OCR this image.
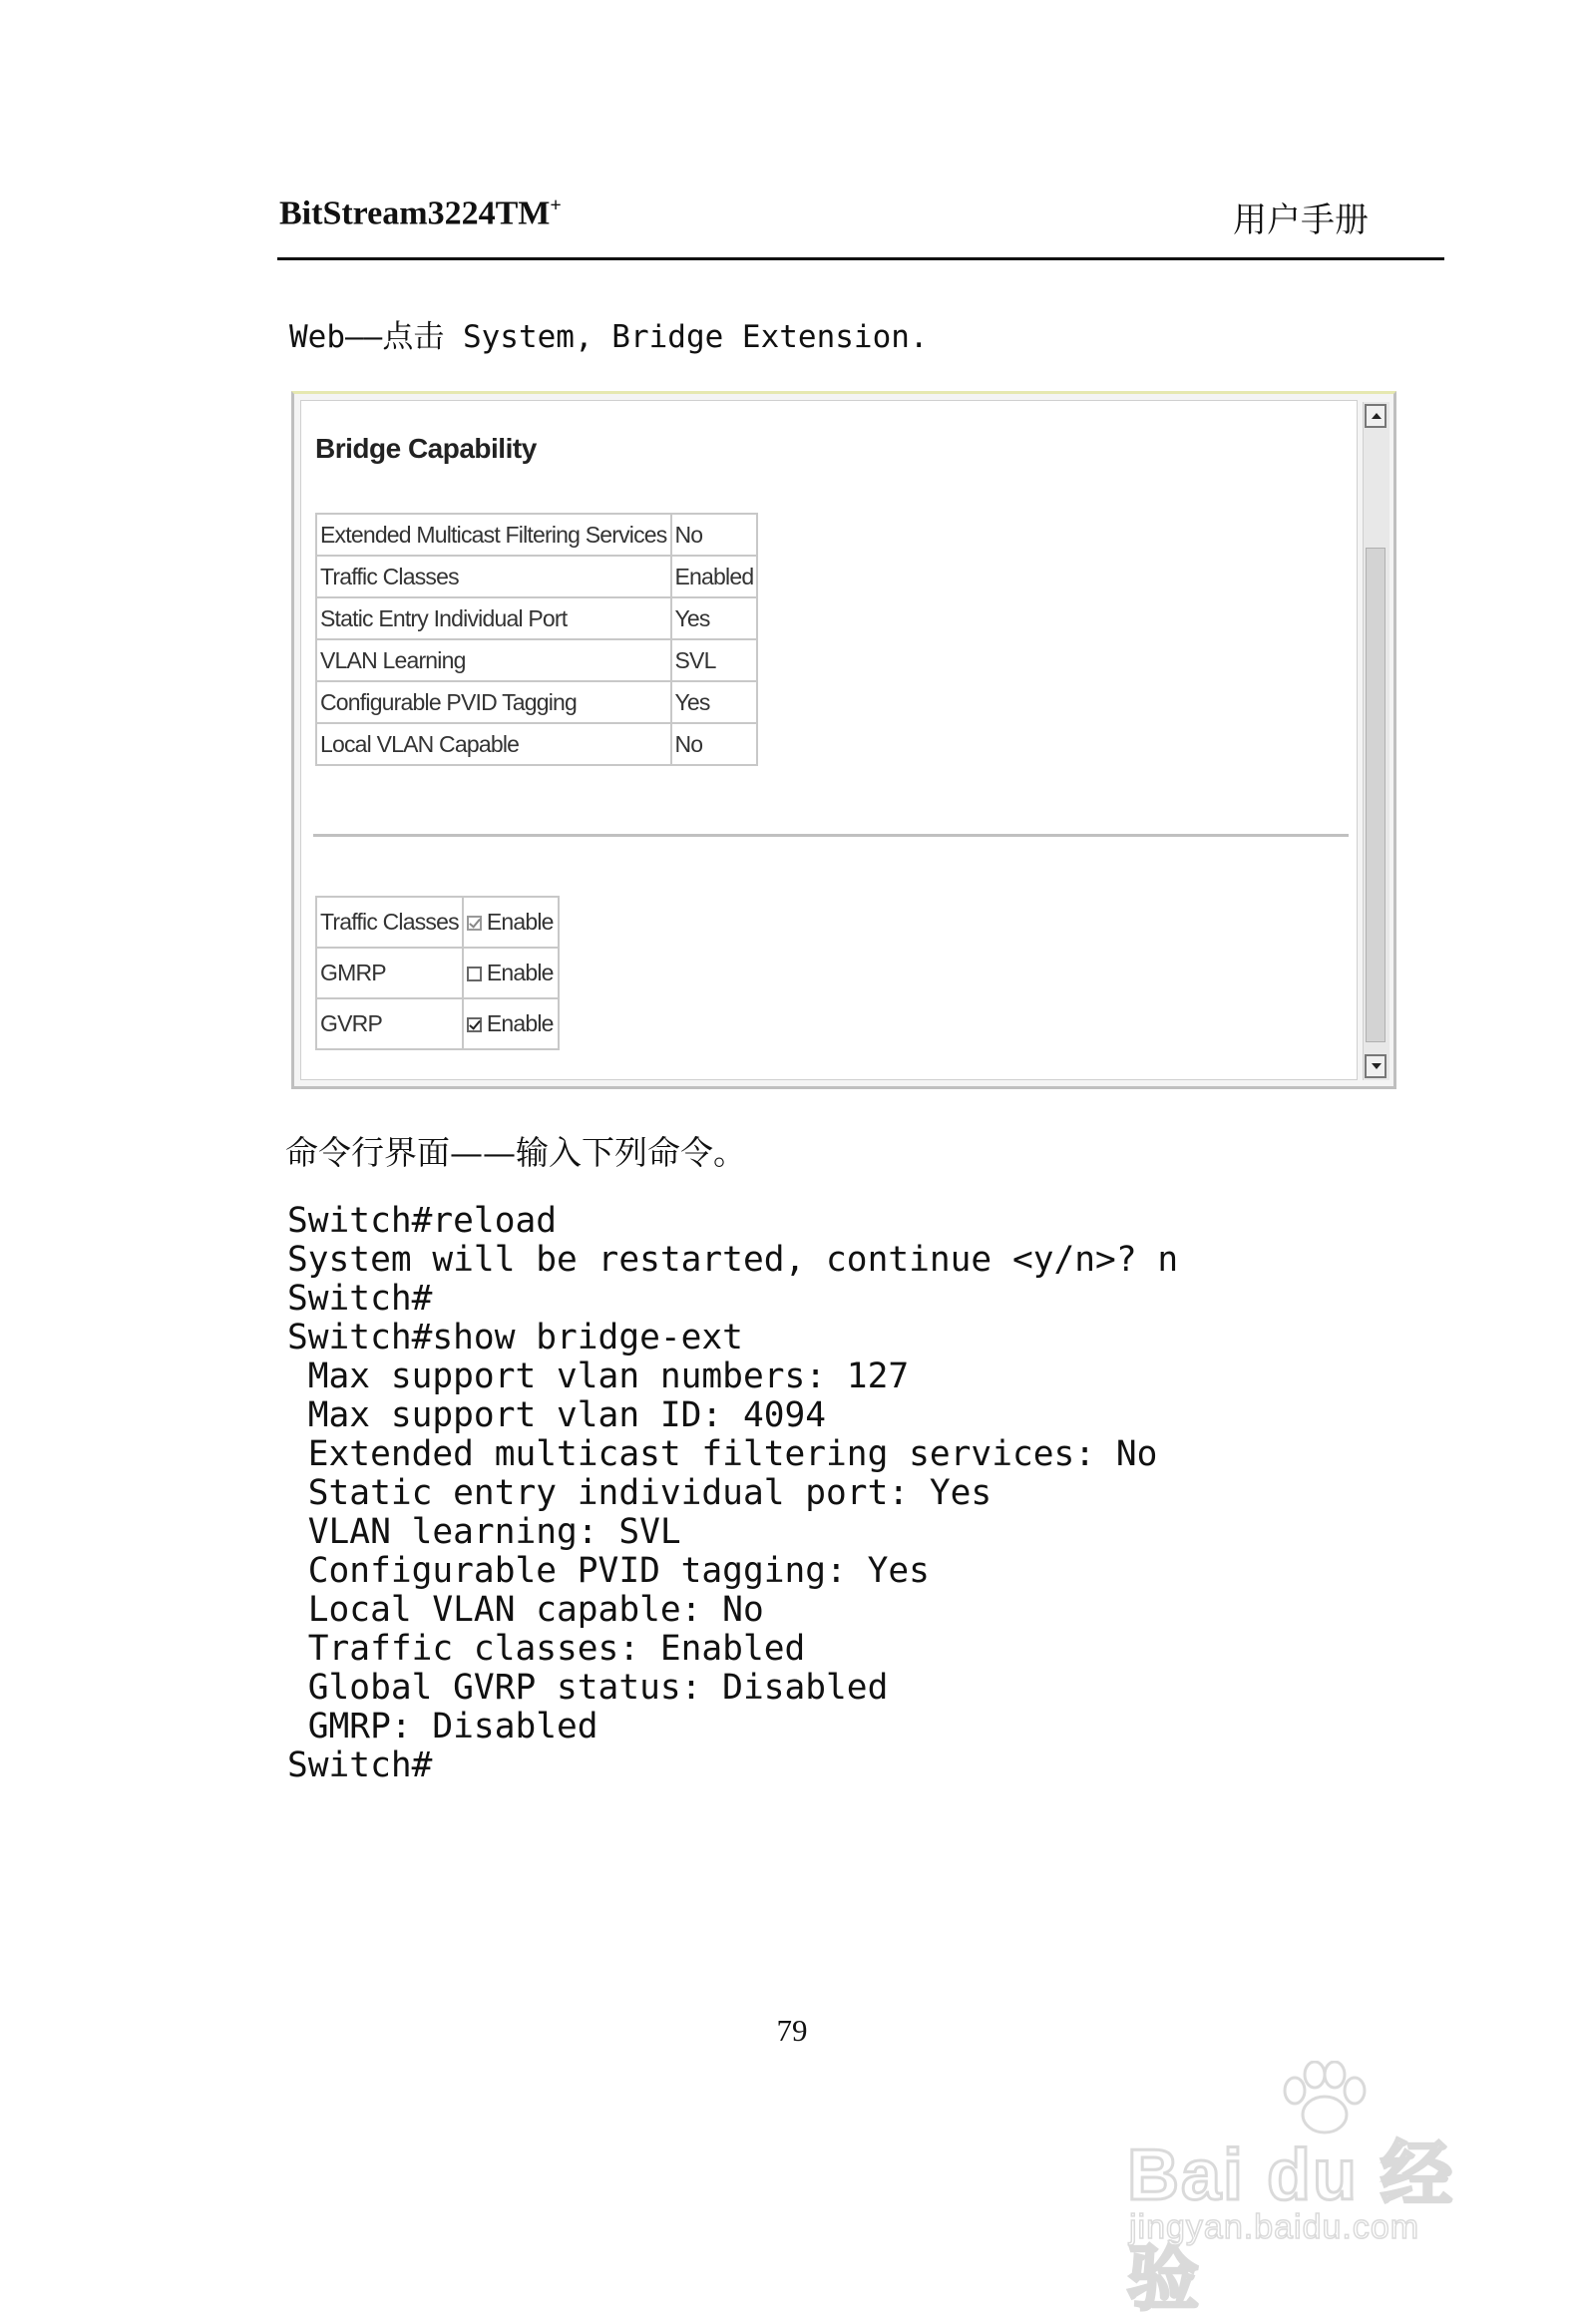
BitStream3224TM+	用户手册
Web——点击 System, Bridge Extension.
Bridge Capability
Extended Multicast Filtering Services	No
Traffic Classes	Enabled
Static Entry Individual Port	Yes
VLAN Learning	SVL
Configurable PVID Tagging	Yes
Local VLAN Capable	No
Traffic Classes	Enable
GMRP	Enable
GVRP	Enable
命令行界面——输入下列命令。
Switch#reload
System will be restarted, continue <y/n>? n
Switch#
Switch#show bridge-ext
Max support vlan numbers: 127
Max support vlan ID: 4094
Extended multicast filtering services: No
Static entry individual port: Yes
VLAN learning: SVL
Configurable PVID tagging: Yes
Local VLAN capable: No
Traffic classes: Enabled
Global GVRP status: Disabled
GMRP: Disabled
Switch#
79
Bai du 经验
jingyan.baidu.com
